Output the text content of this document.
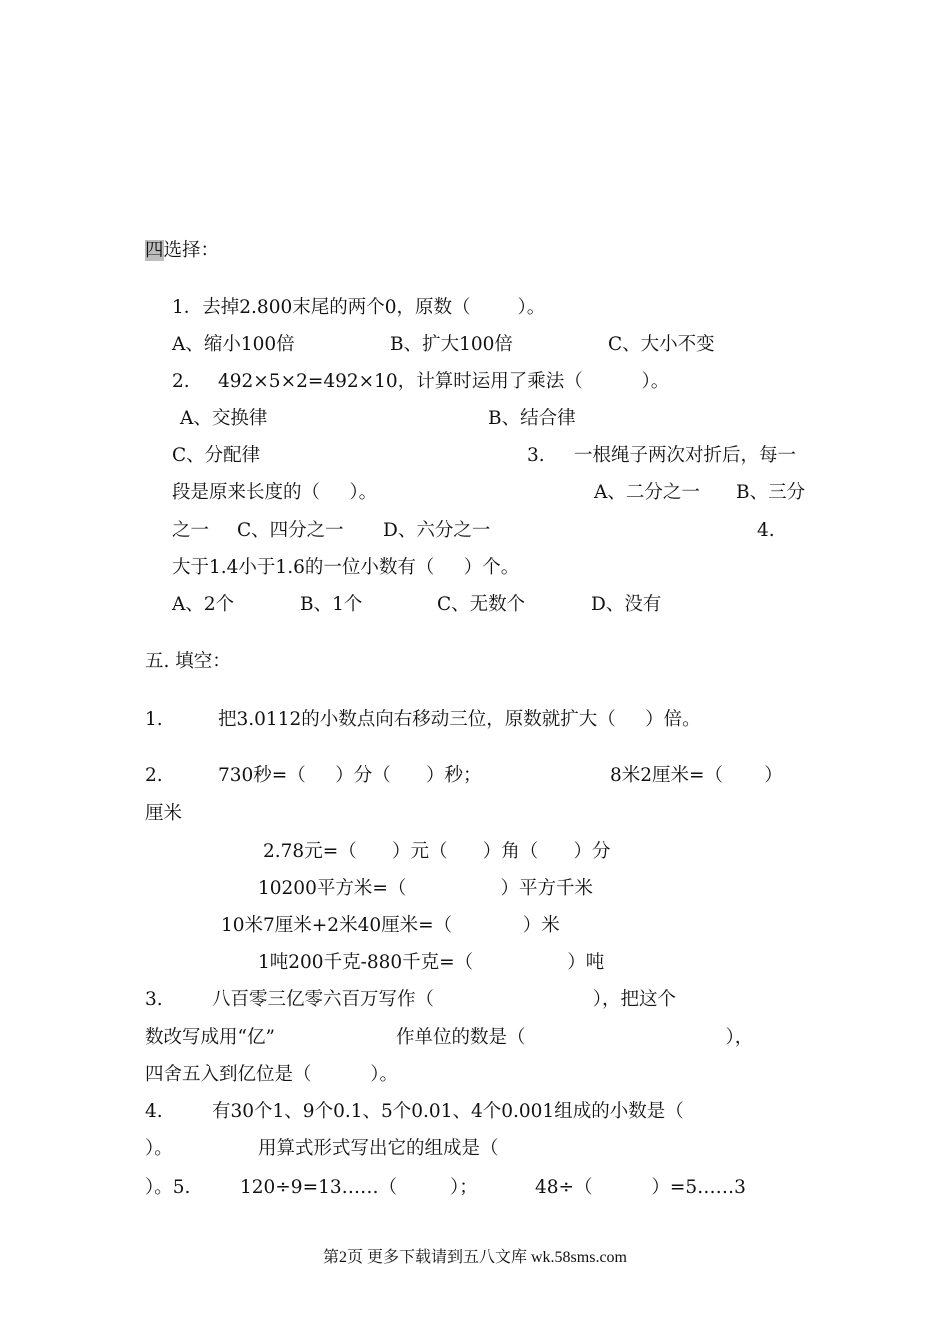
四选择：
1．去掉2.800末尾的两个0，原数（        ）。
A、缩小100倍	B、扩大100倍	C、大小不变
2. 492×5×2=492×10，计算时运用了乘法（          ）。
A、交换律	B、结合律
C、分配律	3. 一根绳子两次对折后，每一
段是原来长度的（     ）。	A、二分之一 B、三分
之一 C、四分之一 D、六分之一	4.
大于1.4小于1.6的一位小数有（     ）个。
A、2个	B、1个	C、无数个	D、没有
五. 填空：
1.	把3.0112的小数点向右移动三位，原数就扩大（     ）倍。
2.	730秒=（     ）分（      ）秒；	8米2厘米=（       ）
厘米
2.78元=（      ）元（      ）角（      ）分
10200平方米=（                ）平方千米
10米7厘米+2米40厘米=（            ）米
1吨200千克-880千克=（                ）吨
3.	八百零三亿零六百万写作（                           ），把这个
数改写成用“亿”	作单位的数是（                                  ），
四舍五入到亿位是（          ）。
4.	有30个1、9个0.1、5个0.01、4个0.001组成的小数是（
）。	用算式形式写出它的组成是（
）。5.	120÷9=13……（         ）；	48÷（          ）=5……3
第2页 更多下载请到五八文库 wk.58sms.com
